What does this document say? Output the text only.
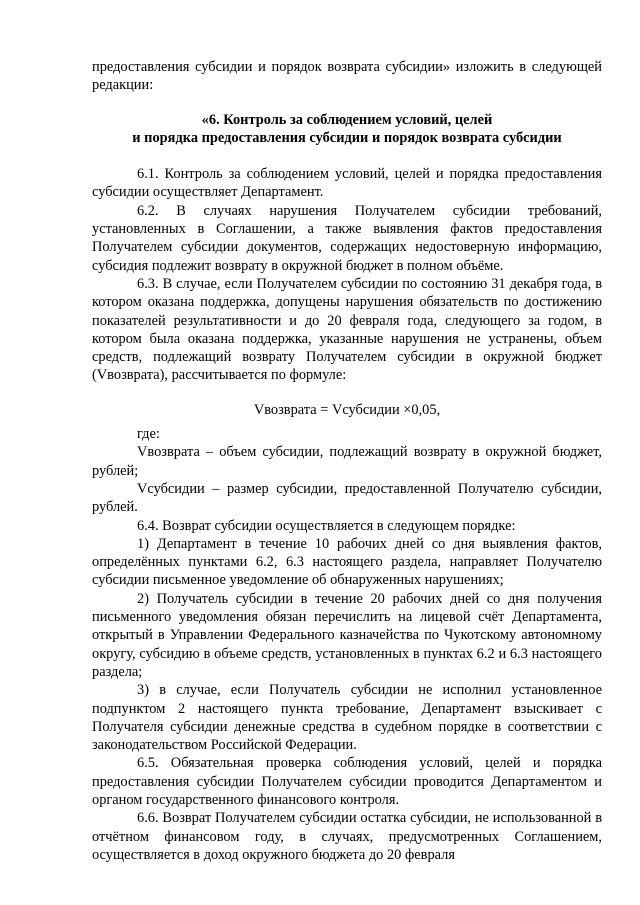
предоставления субсидии и порядок возврата субсидии» изложить в следующей редакции:

«6. Контроль за соблюдением условий, целей
и порядка предоставления субсидии и порядок возврата субсидии

6.1. Контроль за соблюдением условий, целей и порядка предоставления субсидии осуществляет Департамент.

6.2. В случаях нарушения Получателем субсидии требований, установленных в Соглашении, а также выявления фактов предоставления Получателем субсидии документов, содержащих недостоверную информацию, субсидия подлежит возврату в окружной бюджет в полном объёме.

6.3. В случае, если Получателем субсидии по состоянию 31 декабря года, в котором оказана поддержка, допущены нарушения обязательств по достижению показателей результативности и до 20 февраля года, следующего за годом, в котором была оказана поддержка, указанные нарушения не устранены, объем средств, подлежащий возврату Получателем субсидии в окружной бюджет (Vвозврата), рассчитывается по формуле:

Vвозврата = Vсубсидии ×0,05,

где:

Vвозврата – объем субсидии, подлежащий возврату в окружной бюджет, рублей;

Vсубсидии – размер субсидии, предоставленной Получателю субсидии, рублей.

6.4. Возврат субсидии осуществляется в следующем порядке:

1) Департамент в течение 10 рабочих дней со дня выявления фактов, определённых пунктами 6.2, 6.3 настоящего раздела, направляет Получателю субсидии письменное уведомление об обнаруженных нарушениях;

2) Получатель субсидии в течение 20 рабочих дней со дня получения письменного уведомления обязан перечислить на лицевой счёт Департамента, открытый в Управлении Федерального казначейства по Чукотскому автономному округу, субсидию в объеме средств, установленных в пунктах 6.2 и 6.3 настоящего раздела;

3) в случае, если Получатель субсидии не исполнил установленное подпунктом 2 настоящего пункта требование, Департамент взыскивает с Получателя субсидии денежные средства в судебном порядке в соответствии с законодательством Российской Федерации.

6.5. Обязательная проверка соблюдения условий, целей и порядка предоставления субсидии Получателем субсидии проводится Департаментом и органом государственного финансового контроля.

6.6. Возврат Получателем субсидии остатка субсидии, не использованной в отчётном финансовом году, в случаях, предусмотренных Соглашением, осуществляется в доход окружного бюджета до 20 февраля
